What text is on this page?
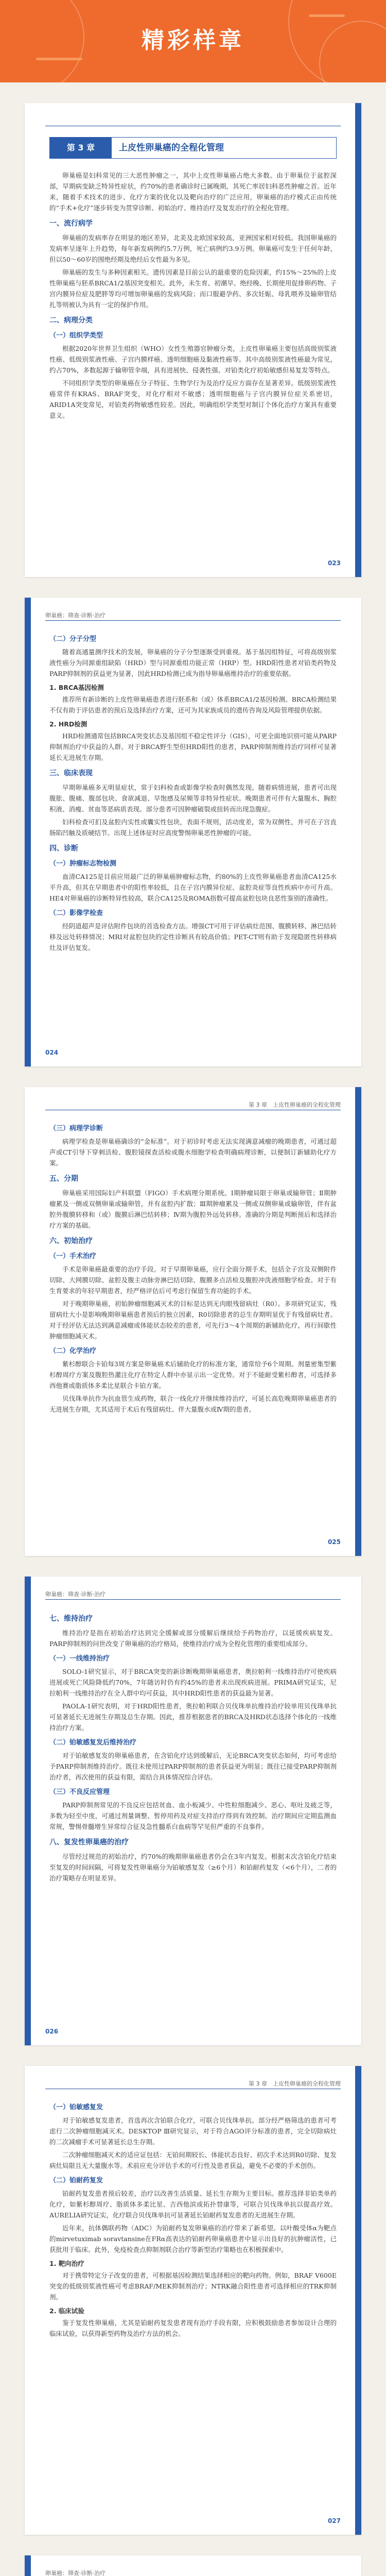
精彩样章
第 3 章	上皮性卵巢癌的全程化管理

卵巢癌是妇科常见的三大恶性肿瘤之一，其中上皮性卵巢癌占绝大多数。由于卵巢位于盆腔深部，早期病变缺乏特异性症状，约70%的患者确诊时已属晚期，其死亡率居妇科恶性肿瘤之首。近年来，随着手术技术的进步、化疗方案的优化以及靶向治疗的广泛应用，卵巢癌的治疗模式正由传统的“手术+化疗”逐步转变为贯穿诊断、初始治疗、维持治疗及复发治疗的全程化管理。

一、流行病学

卵巢癌的发病率存在明显的地区差异，北美及北欧国家较高，亚洲国家相对较低。我国卵巢癌的发病率呈逐年上升趋势，每年新发病例约5.7万例，死亡病例约3.9万例。卵巢癌可发生于任何年龄，但以50～60岁的围绝经期及绝经后女性最为多见。

卵巢癌的发生与多种因素相关。遗传因素是目前公认的最重要的危险因素，约15%～25%的上皮性卵巢癌与胚系BRCA1/2基因突变相关。此外，未生育、初潮早、绝经晚、长期使用促排卵药物、子宫内膜异位症及肥胖等均可增加卵巢癌的发病风险；而口服避孕药、多次妊娠、母乳喂养及输卵管结扎等则被认为具有一定的保护作用。

二、病理分类
（一）组织学类型

根据2020年世界卫生组织（WHO）女性生殖器官肿瘤分类，上皮性卵巢癌主要包括高级别浆液性癌、低级别浆液性癌、子宫内膜样癌、透明细胞癌及黏液性癌等。其中高级别浆液性癌最为常见，约占70%，多数起源于输卵管伞端，具有进展快、侵袭性强、对铂类化疗初始敏感但易复发等特点。

不同组织学类型的卵巢癌在分子特征、生物学行为及治疗反应方面存在显著差异。低级别浆液性癌常伴有KRAS、BRAF突变，对化疗相对不敏感；透明细胞癌与子宫内膜异位症关系密切，ARID1A突变常见，对铂类药物敏感性较差。因此，明确组织学类型对制订个体化治疗方案具有重要意义。

023
卵巢癌：筛查·诊断·治疗
（二）分子分型

随着高通量测序技术的发展，卵巢癌的分子分型逐渐受到重视。基于基因组特征，可将高级别浆液性癌分为同源重组缺陷（HRD）型与同源重组功能正常（HRP）型。HRD阳性患者对铂类药物及PARP抑制剂的获益更为显著，因此HRD检测已成为指导卵巢癌维持治疗的重要依据。

1. BRCA基因检测

推荐所有新诊断的上皮性卵巢癌患者进行胚系和（或）体系BRCA1/2基因检测。BRCA检测结果不仅有助于评估患者的预后及选择治疗方案，还可为其家族成员的遗传咨询及风险管理提供依据。

2. HRD检测

HRD检测通常包括BRCA突变状态及基因组不稳定性评分（GIS），可更全面地识别可能从PARP抑制剂治疗中获益的人群。对于BRCA野生型但HRD阳性的患者，PARP抑制剂维持治疗同样可显著延长无进展生存期。

三、临床表现

早期卵巢癌多无明显症状，常于妇科检查或影像学检查时偶然发现。随着病情进展，患者可出现腹胀、腹痛、腹部包块、食欲减退、早饱感及尿频等非特异性症状。晚期患者可伴有大量腹水、胸腔积液、消瘦、贫血等恶病质表现。部分患者可因肿瘤破裂或扭转而出现急腹症。

妇科检查可扪及盆腔内实性或囊实性包块，表面不规则，活动度差，常为双侧性，并可在子宫直肠陷凹触及质硬结节。出现上述体征时应高度警惕卵巢恶性肿瘤的可能。

四、诊断
（一）肿瘤标志物检测

血清CA125是目前应用最广泛的卵巢癌肿瘤标志物，约80%的上皮性卵巢癌患者血清CA125水平升高，但其在早期患者中的阳性率较低，且在子宫内膜异位症、盆腔炎症等良性疾病中亦可升高。HE4对卵巢癌的诊断特异性较高，联合CA125及ROMA指数可提高盆腔包块良恶性鉴别的准确性。

（二）影像学检查

经阴道超声是评估附件包块的首选检查方法。增强CT可用于评估病灶范围、腹膜转移、淋巴结转移及远处转移情况；MRI对盆腔包块的定性诊断具有较高价值；PET-CT则有助于发现隐匿性转移病灶及评估复发。

024
第 3 章　上皮性卵巢癌的全程化管理
（三）病理学诊断

病理学检查是卵巢癌确诊的“金标准”。对于初诊时考虑无法实现满意减瘤的晚期患者，可通过超声或CT引导下穿刺活检、腹腔镜探查活检或腹水细胞学检查明确病理诊断，以便制订新辅助化疗方案。

五、分期

卵巢癌采用国际妇产科联盟（FIGO）手术病理分期系统。Ⅰ期肿瘤局限于卵巢或输卵管；Ⅱ期肿瘤累及一侧或双侧卵巢或输卵管，并有盆腔内扩散；Ⅲ期肿瘤累及一侧或双侧卵巢或输卵管，伴有盆腔外腹膜转移和（或）腹膜后淋巴结转移；Ⅳ期为腹腔外远处转移。准确的分期是判断预后和选择治疗方案的基础。

六、初始治疗
（一）手术治疗

手术是卵巢癌最重要的治疗手段。对于早期卵巢癌，应行全面分期手术，包括全子宫及双侧附件切除、大网膜切除、盆腔及腹主动脉旁淋巴结切除、腹膜多点活检及腹腔冲洗液细胞学检查。对于有生育要求的年轻早期患者，经严格评估后可考虑行保留生育功能的手术。

对于晚期卵巢癌，初始肿瘤细胞减灭术的目标是达到无肉眼残留病灶（R0）。多项研究证实，残留病灶大小是影响晚期卵巢癌患者预后的独立因素，R0切除患者的总生存期明显优于有残留病灶者。对于经评估无法达到满意减瘤或体能状态较差的患者，可先行3～4个周期的新辅助化疗，再行间歇性肿瘤细胞减灭术。

（二）化学治疗

紫杉醇联合卡铂每3周方案是卵巢癌术后辅助化疗的标准方案，通常给予6个周期。剂量密集型紫杉醇周疗方案及腹腔热灌注化疗在特定人群中亦显示出一定优势。对于不能耐受紫杉醇者，可选择多西他赛或脂质体多柔比星联合卡铂方案。

贝伐珠单抗作为抗血管生成药物，联合一线化疗并继续维持治疗，可延长高危晚期卵巢癌患者的无进展生存期，尤其适用于术后有残留病灶、伴大量腹水或Ⅳ期的患者。

025
卵巢癌：筛查·诊断·治疗
七、维持治疗

维持治疗是指在初始治疗达到完全缓解或部分缓解后继续给予药物治疗，以延缓疾病复发。PARP抑制剂的问世改变了卵巢癌的治疗格局，使维持治疗成为全程化管理的重要组成部分。

（一）一线维持治疗

SOLO-1研究显示，对于BRCA突变的新诊断晚期卵巢癌患者，奥拉帕利一线维持治疗可使疾病进展或死亡风险降低约70%，7年随访时仍有约45%的患者未出现疾病进展。PRIMA研究证实，尼拉帕利一线维持治疗在全人群中均可获益，其中HRD阳性患者的获益最为显著。

PAOLA-1研究表明，对于HRD阳性患者，奥拉帕利联合贝伐珠单抗维持治疗较单用贝伐珠单抗可显著延长无进展生存期及总生存期。因此，推荐根据患者的BRCA及HRD状态选择个体化的一线维持治疗方案。

（二）铂敏感复发后维持治疗

对于铂敏感复发的卵巢癌患者，在含铂化疗达到缓解后，无论BRCA突变状态如何，均可考虑给予PARP抑制剂维持治疗。既往未使用过PARP抑制剂的患者获益更为明显；既往已接受PARP抑制剂治疗者，再次使用的获益有限，需结合具体情况综合评估。

（三）不良反应管理

PARP抑制剂常见的不良反应包括贫血、血小板减少、中性粒细胞减少、恶心、呕吐及疲乏等，多数为轻至中度，可通过剂量调整、暂停用药及对症支持治疗得到有效控制。治疗期间应定期监测血常规，警惕骨髓增生异常综合征及急性髓系白血病等罕见但严重的不良事件。

八、复发性卵巢癌的治疗

尽管经过规范的初始治疗，约70%的晚期卵巢癌患者仍会在3年内复发。根据末次含铂化疗结束至复发的时间间隔，可将复发性卵巢癌分为铂敏感复发（≥6个月）和铂耐药复发（<6个月），二者的治疗策略存在明显差异。

026
第 3 章　上皮性卵巢癌的全程化管理
（一）铂敏感复发

对于铂敏感复发患者，首选再次含铂联合化疗，可联合贝伐珠单抗。部分经严格筛选的患者可考虑行二次肿瘤细胞减灭术。DESKTOP Ⅲ研究显示，对于符合AGO评分标准的患者，完全切除病灶的二次减瘤手术可显著延长总生存期。

二次肿瘤细胞减灭术的适应证包括：无铂间期较长、体能状态良好、初次手术达到R0切除、复发病灶局限且无大量腹水等。术前应充分评估手术的可行性及患者获益，避免不必要的手术创伤。

（二）铂耐药复发

铂耐药复发患者预后较差，治疗以改善生活质量、延长生存期为主要目标。推荐选择非铂类单药化疗，如紫杉醇周疗、脂质体多柔比星、吉西他滨或拓扑替康等，可联合贝伐珠单抗以提高疗效。AURELIA研究证实，化疗联合贝伐珠单抗可显著延长铂耐药复发患者的无进展生存期。

近年来，抗体偶联药物（ADC）为铂耐药复发卵巢癌的治疗带来了新希望。以叶酸受体α为靶点的mirvetuximab soravtansine在FRα高表达的铂耐药卵巢癌患者中显示出良好的抗肿瘤活性，已获批用于临床。此外，免疫检查点抑制剂联合治疗等新型治疗策略也在积极探索中。

1. 靶向治疗

对于携带特定分子改变的患者，可根据基因检测结果选择相应的靶向药物。例如，BRAF V600E突变的低级别浆液性癌可考虑BRAF/MEK抑制剂治疗；NTRK融合阳性患者可选择相应的TRK抑制剂。

2. 临床试验

鉴于复发性卵巢癌，尤其是铂耐药复发患者现有治疗手段有限，应积极鼓励患者参加设计合理的临床试验，以获得新型药物及治疗方法的机会。

027
卵巢癌：筛查·诊断·治疗
